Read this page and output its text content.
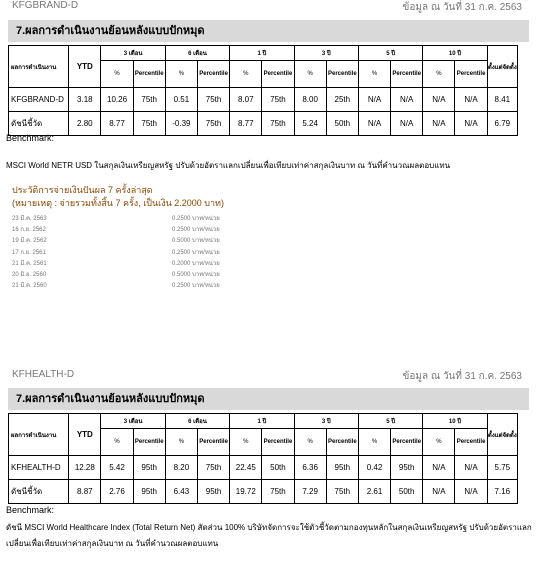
KFGBRAND-D	ข้อมูล ณ วันที่ 31 ก.ค. 2563
7.ผลการดำเนินงานย้อนหลังแบบปักหมุด
ผลการดำเนินงาน	YTD	3 เดือน		6 เดือน		1 ปี		3 ปี		5 ปี		10 ปี		ตั้งแต่จัดตั้ง
		%	Percentile	%	Percentile	%	Percentile	%	Percentile	%	Percentile	%	Percentile	
KFGBRAND-D	3.18	10.26	75th	0.51	75th	8.07	75th	8.00	25th	N/A	N/A	N/A	N/A	8.41
ดัชนีชี้วัด	2.80	8.77	75th	-0.39	75th	8.77	75th	5.24	50th	N/A	N/A	N/A	N/A	6.79
Benchmark:
MSCI World NETR USD ในสกุลเงินเหรียญสหรัฐ ปรับด้วยอัตราแลกเปลี่ยนเพื่อเทียบเท่าค่าสกุลเงินบาท ณ วันที่คำนวณผลตอบแทน
ประวัติการจ่ายเงินปันผล 7 ครั้งล่าสุด
(หมายเหตุ : จ่ายรวมทั้งสิ้น 7 ครั้ง, เป็นเงิน 2.2000 บาท)
23 มี.ค. 2563	0.2500 บาท/หน่วย
16 ก.ย. 2562	0.2500 บาท/หน่วย
19 มี.ค. 2562	0.5000 บาท/หน่วย
17 ก.ย. 2561	0.2500 บาท/หน่วย
21 มี.ค. 2561	0.2000 บาท/หน่วย
20 มิ.ย. 2560	0.5000 บาท/หน่วย
21 มี.ค. 2560	0.2500 บาท/หน่วย
KFHEALTH-D	ข้อมูล ณ วันที่ 31 ก.ค. 2563
7.ผลการดำเนินงานย้อนหลังแบบปักหมุด
ผลการดำเนินงาน	YTD	3 เดือน		6 เดือน		1 ปี		3 ปี		5 ปี		10 ปี		ตั้งแต่จัดตั้ง
		%	Percentile	%	Percentile	%	Percentile	%	Percentile	%	Percentile	%	Percentile	
KFHEALTH-D	12.28	5.42	95th	8.20	75th	22.45	50th	6.36	95th	0.42	95th	N/A	N/A	5.75
ดัชนีชี้วัด	8.87	2.76	95th	6.43	95th	19.72	75th	7.29	75th	2.61	50th	N/A	N/A	7.16
Benchmark:
ดัชนี MSCI World Healthcare Index (Total Return Net) สัดส่วน 100% บริษัทจัดการจะใช้ตัวชี้วัดตามกองทุนหลักในสกุลเงินเหรียญสหรัฐ ปรับด้วยอัตราแลกเปลี่ยนเพื่อเทียบเท่าค่าสกุลเงินบาท ณ วันที่คำนวณผลตอบแทน
